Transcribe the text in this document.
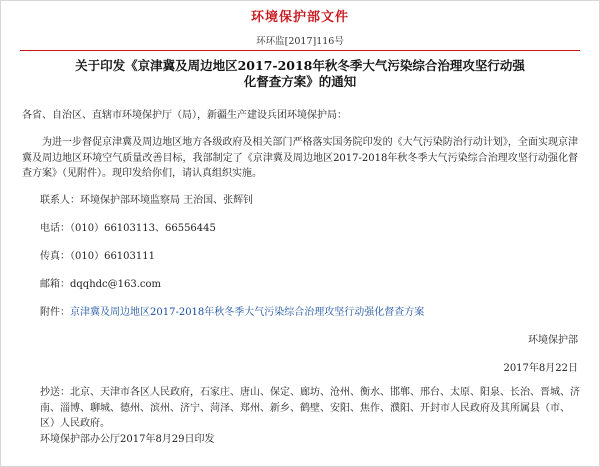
环境保护部文件
环环监[2017]116号
关于印发《京津冀及周边地区2017-2018年秋冬季大气污染综合治理攻坚行动强化督查方案》的通知
各省、自治区、直辖市环境保护厅（局），新疆生产建设兵团环境保护局：
为进一步督促京津冀及周边地区地方各级政府及相关部门严格落实国务院印发的《大气污染防治行动计划》，全面实现京津冀及周边地区环境空气质量改善目标，我部制定了《京津冀及周边地区2017-2018年秋冬季大气污染综合治理攻坚行动强化督查方案》（见附件）。现印发给你们，请认真组织实施。
联系人：环境保护部环境监察局 王治国、张辉钊
电话：（010）66103113、66556445
传真：（010）66103111
邮箱：dqqhdc@163.com
附件：京津冀及周边地区2017-2018年秋冬季大气污染综合治理攻坚行动强化督查方案
环境保护部
2017年8月22日
抄送：北京、天津市各区人民政府，石家庄、唐山、保定、廊坊、沧州、衡水、邯郸、邢台、太原、阳泉、长治、晋城、济南、淄博、聊城、德州、滨州、济宁、菏泽、郑州、新乡、鹤壁、安阳、焦作、濮阳、开封市人民政府及其所属县（市、区）人民政府。
环境保护部办公厅2017年8月29日印发
